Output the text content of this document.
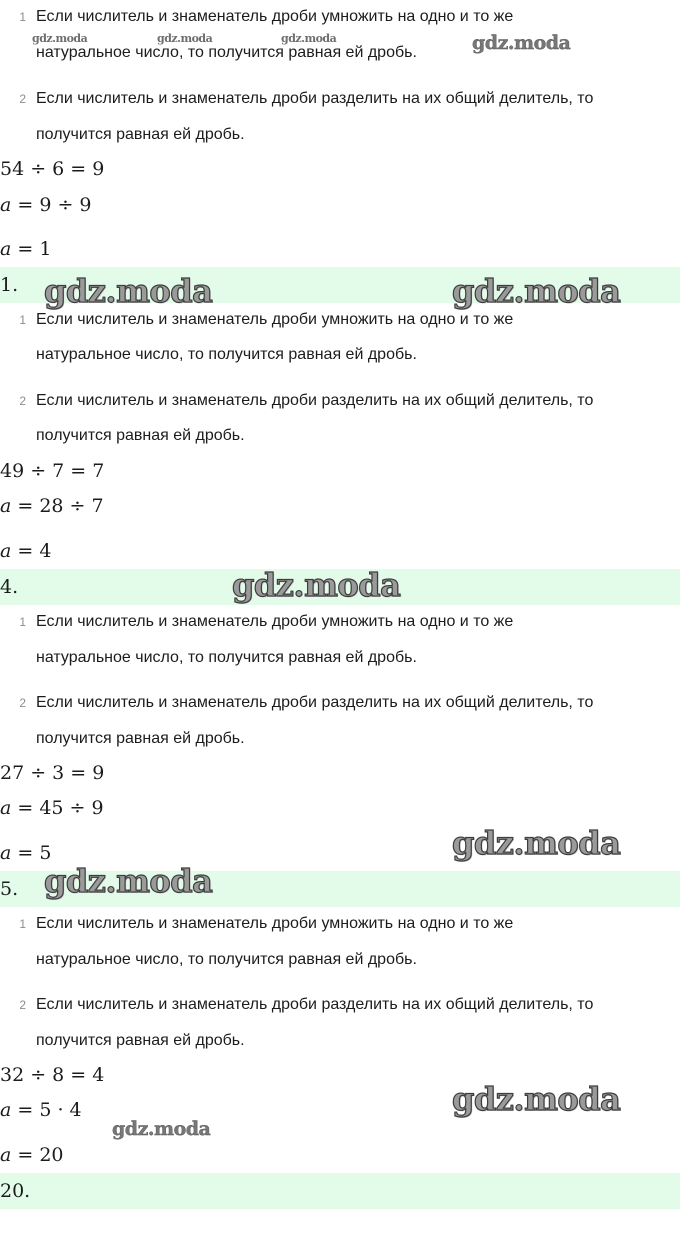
1 Если числитель и знаменатель дроби умножить на одно и то же
натуральное число, то получится равная ей дробь.
2 Если числитель и знаменатель дроби разделить на их общий делитель, то
получится равная ей дробь.
gdz.moda	gdz.moda	gdz.moda	gdz.moda
54 ÷ 6 = 9
a = 9 ÷ 9
a = 1
1. gdz.moda	gdz.moda
1 Если числитель и знаменатель дроби умножить на одно и то же
натуральное число, то получится равная ей дробь.
2 Если числитель и знаменатель дроби разделить на их общий делитель, то
получится равная ей дробь.
49 ÷ 7 = 7
a = 28 ÷ 7
a = 4
4.	gdz.moda
1 Если числитель и знаменатель дроби умножить на одно и то же
натуральное число, то получится равная ей дробь.
2 Если числитель и знаменатель дроби разделить на их общий делитель, то
получится равная ей дробь.
27 ÷ 3 = 9
a = 45 ÷ 9
a = 5	gdz.moda
5. gdz.moda
1 Если числитель и знаменатель дроби умножить на одно и то же
натуральное число, то получится равная ей дробь.
2 Если числитель и знаменатель дроби разделить на их общий делитель, то
получится равная ей дробь.
32 ÷ 8 = 4
a = 5 · 4	gdz.moda
gdz.moda
a = 20
20.
